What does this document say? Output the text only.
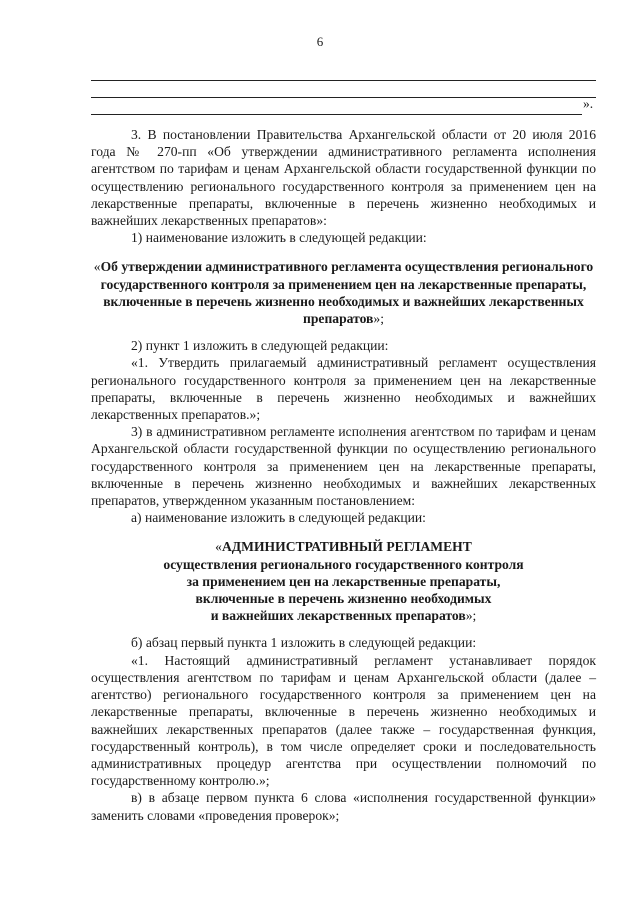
6
».

3. В постановлении Правительства Архангельской области от 20 июля 2016 года № 270-пп «Об утверждении административного регламента исполнения агентством по тарифам и ценам Архангельской области государственной функции по осуществлению регионального государственного контроля за применением цен на лекарственные препараты, включенные в перечень жизненно необходимых и важнейших лекарственных препаратов»:

1) наименование изложить в следующей редакции:

«Об утверждении административного регламента осуществления регионального государственного контроля за применением цен на лекарственные препараты, включенные в перечень жизненно необходимых и важнейших лекарственных препаратов»;

2) пункт 1 изложить в следующей редакции:

«1. Утвердить прилагаемый административный регламент осуществления регионального государственного контроля за применением цен на лекарственные препараты, включенные в перечень жизненно необходимых и важнейших лекарственных препаратов.»;

3) в административном регламенте исполнения агентством по тарифам и ценам Архангельской области государственной функции по осуществлению регионального государственного контроля за применением цен на лекарственные препараты, включенные в перечень жизненно необходимых и важнейших лекарственных препаратов, утвержденном указанным постановлением:

а) наименование изложить в следующей редакции:

«АДМИНИСТРАТИВНЫЙ РЕГЛАМЕНТ
осуществления регионального государственного контроля
за применением цен на лекарственные препараты,
включенные в перечень жизненно необходимых
и важнейших лекарственных препаратов»;

б) абзац первый пункта 1 изложить в следующей редакции:

«1. Настоящий административный регламент устанавливает порядок осуществления агентством по тарифам и ценам Архангельской области (далее – агентство) регионального государственного контроля за применением цен на лекарственные препараты, включенные в перечень жизненно необходимых и важнейших лекарственных препаратов (далее также – государственная функция, государственный контроль), в том числе определяет сроки и последовательность административных процедур агентства при осуществлении полномочий по государственному контролю.»;

в) в абзаце первом пункта 6 слова «исполнения государственной функции» заменить словами «проведения проверок»;
